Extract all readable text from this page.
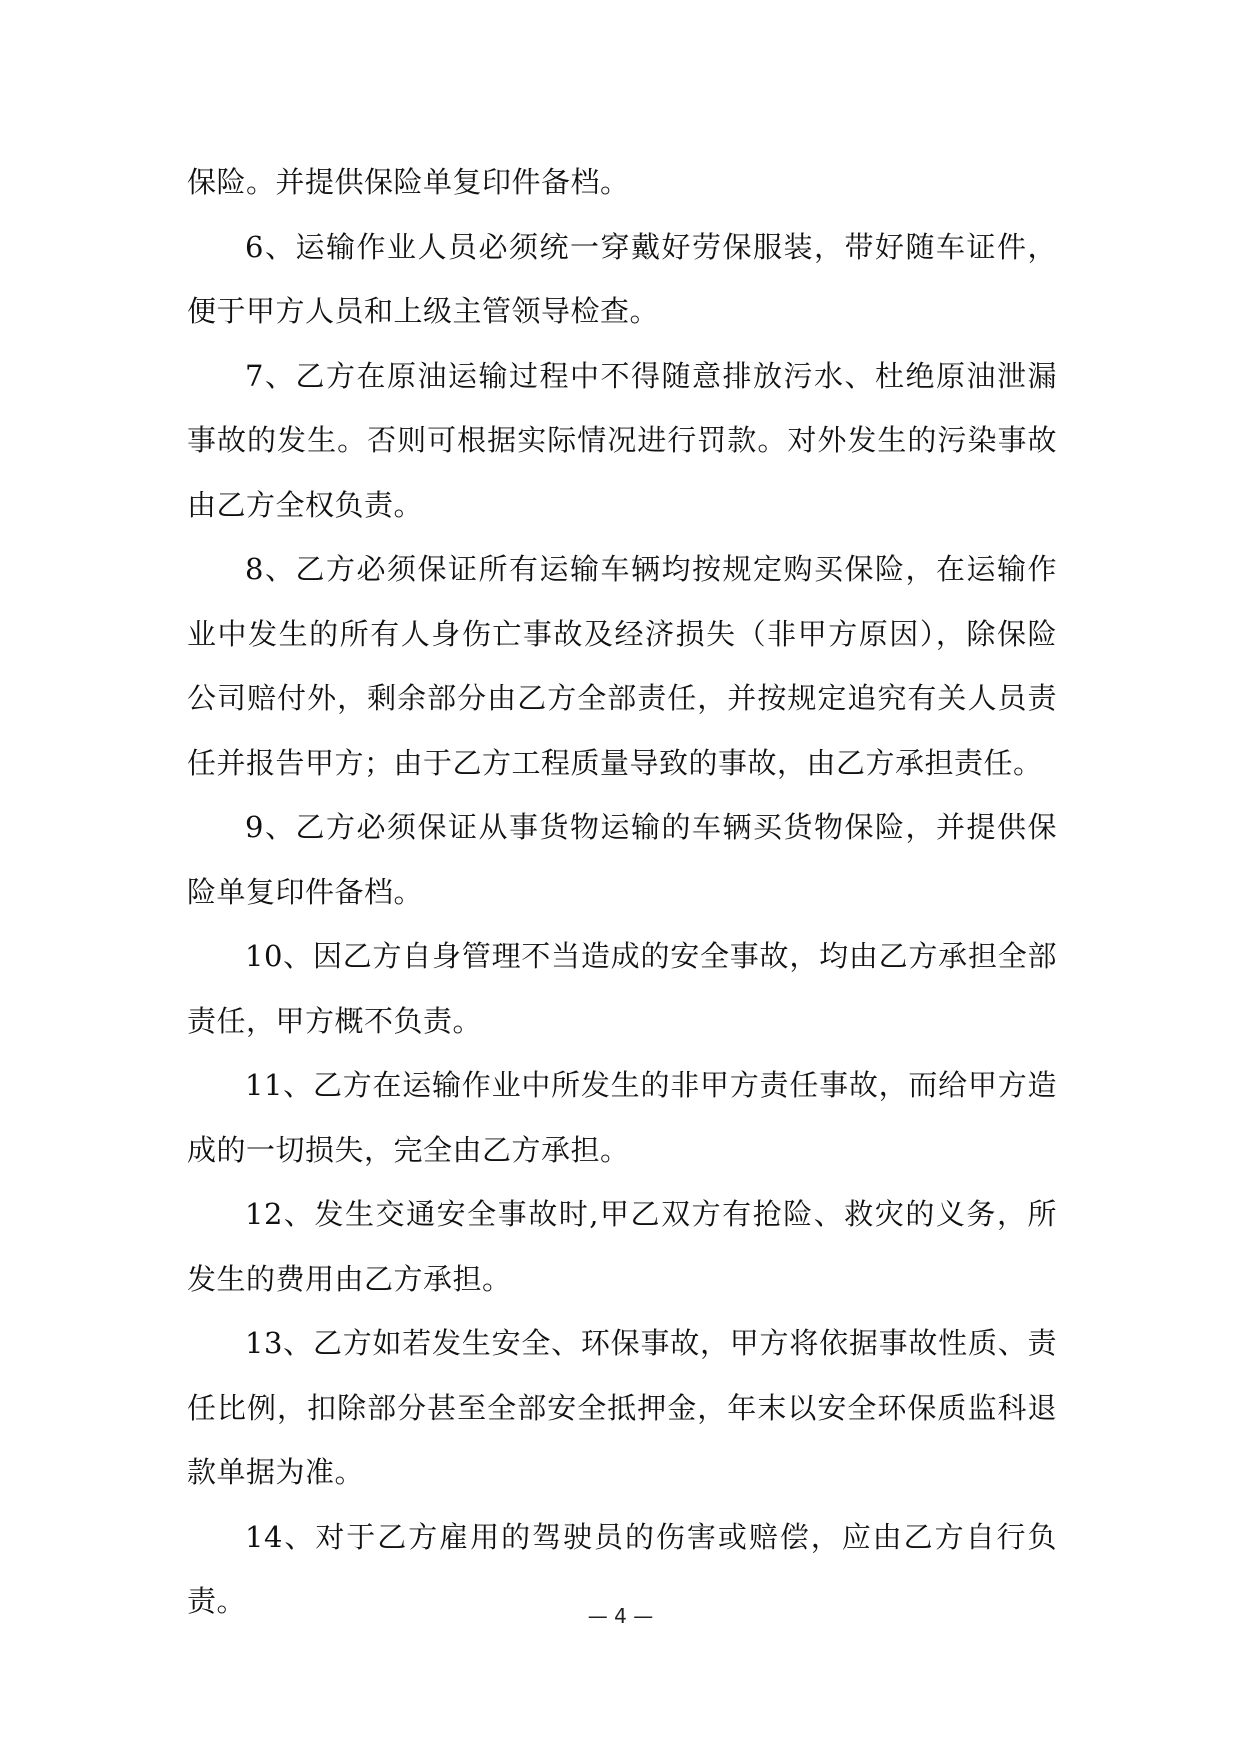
保险。并提供保险单复印件备档。

6、运输作业人员必须统一穿戴好劳保服装，带好随车证件，便于甲方人员和上级主管领导检查。

7、乙方在原油运输过程中不得随意排放污水、杜绝原油泄漏事故的发生。否则可根据实际情况进行罚款。对外发生的污染事故由乙方全权负责。

8、乙方必须保证所有运输车辆均按规定购买保险，在运输作业中发生的所有人身伤亡事故及经济损失（非甲方原因），除保险公司赔付外，剩余部分由乙方全部责任，并按规定追究有关人员责任并报告甲方；由于乙方工程质量导致的事故，由乙方承担责任。

9、乙方必须保证从事货物运输的车辆买货物保险，并提供保险单复印件备档。

10、因乙方自身管理不当造成的安全事故，均由乙方承担全部责任，甲方概不负责。

11、乙方在运输作业中所发生的非甲方责任事故，而给甲方造成的一切损失，完全由乙方承担。

12、发生交通安全事故时,甲乙双方有抢险、救灾的义务，所发生的费用由乙方承担。

13、乙方如若发生安全、环保事故，甲方将依据事故性质、责任比例，扣除部分甚至全部安全抵押金，年末以安全环保质监科退款单据为准。

14、对于乙方雇用的驾驶员的伤害或赔偿，应由乙方自行负责。	— 4 —
